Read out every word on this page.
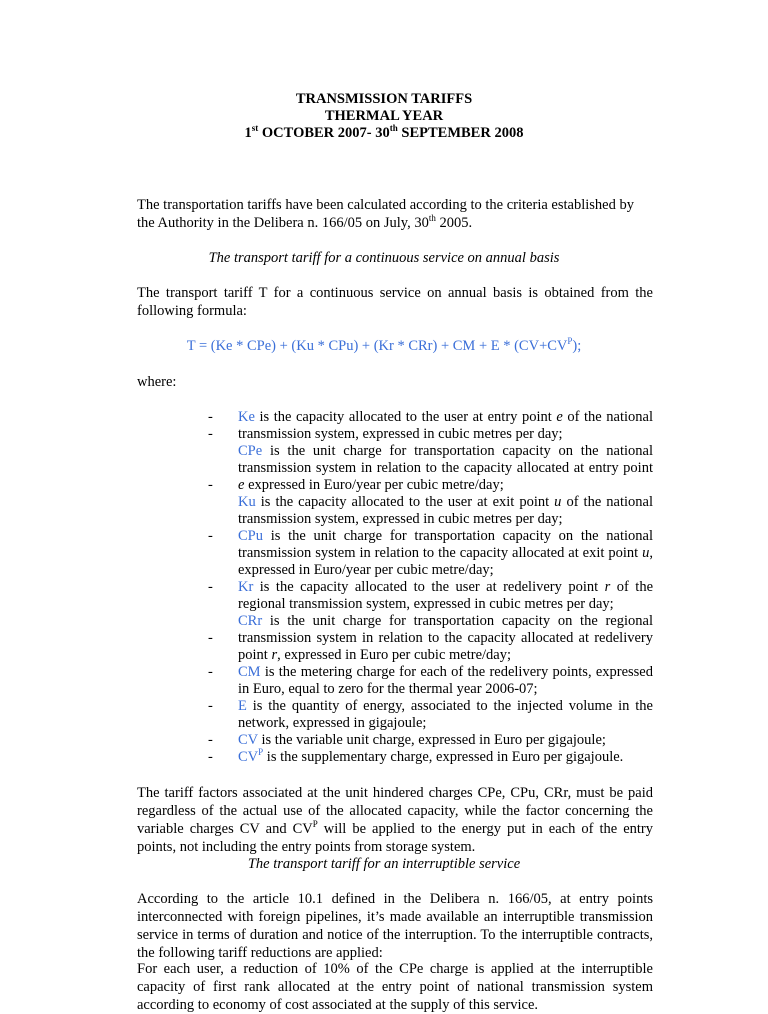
TRANSMISSION TARIFFS
THERMAL YEAR
1st OCTOBER 2007- 30th SEPTEMBER 2008

The transportation tariffs have been calculated according to the criteria established by the Authority in the Delibera n. 166/05 on July, 30th 2005.

The transport tariff for a continuous service on annual basis

The transport tariff T for a continuous service on annual basis is obtained from the following formula:

T = (Ke * CPe) + (Ku * CPu) + (Kr * CRr) + CM + $E * (CV+CV^P)$;

where:

- Ke is the capacity allocated to the user at entry point e of the national transmission system, expressed in cubic metres per day;
-
CPe is the unit charge for transportation capacity on the national transmission system in relation to the capacity allocated at entry point e expressed in Euro/year per cubic metre/day;
-
Ku is the capacity allocated to the user at exit point u of the national transmission system, expressed in cubic metres per day;
- CPu is the unit charge for transportation capacity on the national transmission system in relation to the capacity allocated at exit point u, expressed in Euro/year per cubic metre/day;
- Kr is the capacity allocated to the user at redelivery point r of the regional transmission system, expressed in cubic metres per day;
-
CRr is the unit charge for transportation capacity on the regional transmission system in relation to the capacity allocated at redelivery point r, expressed in Euro per cubic metre/day;
- CM is the metering charge for each of the redelivery points, expressed in Euro, equal to zero for the thermal year 2006-07;
- E is the quantity of energy, associated to the injected volume in the network, expressed in gigajoule;
- CV is the variable unit charge, expressed in Euro per gigajoule;
- $CV^P$ is the supplementary charge, expressed in Euro per gigajoule.

The tariff factors associated at the unit hindered charges CPe, CPu, CRr, must be paid regardless of the actual use of the allocated capacity, while the factor concerning the variable charges CV and $CV^P$ will be applied to the energy put in each of the entry points, not including the entry points from storage system.

The transport tariff for an interruptible service

According to the article 10.1 defined in the Delibera n. 166/05, at entry points interconnected with foreign pipelines, it’s made available an interruptible transmission service in terms of duration and notice of the interruption. To the interruptible contracts, the following tariff reductions are applied:

For each user, a reduction of 10% of the CPe charge is applied at the interruptible capacity of first rank allocated at the entry point of national transmission system according to economy of cost associated at the supply of this service.
